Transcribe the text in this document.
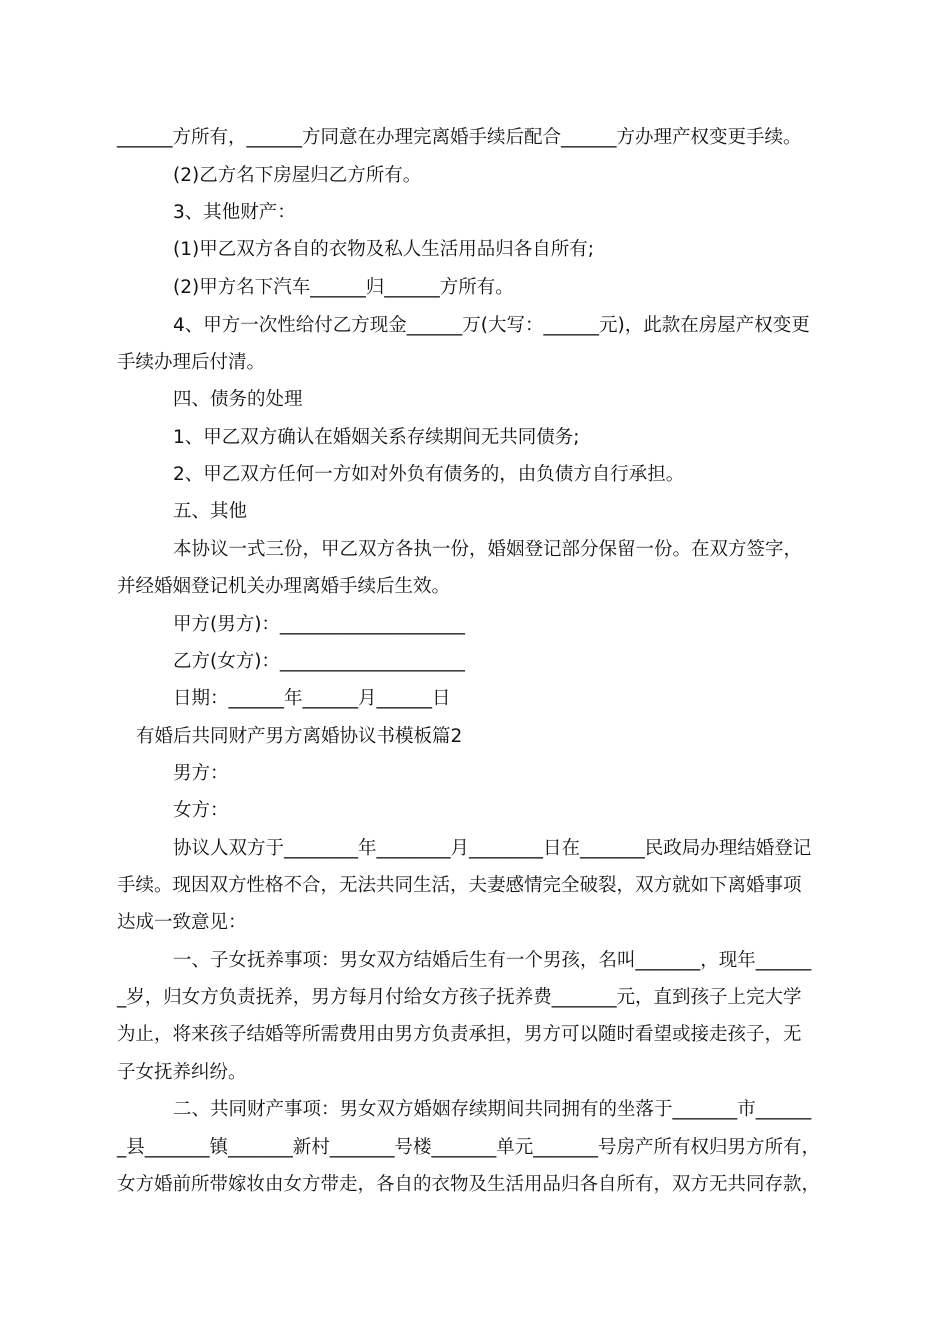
______方所有，______方同意在办理完离婚手续后配合______方办理产权变更手续。
(2)乙方名下房屋归乙方所有。
3、其他财产：
(1)甲乙双方各自的衣物及私人生活用品归各自所有;
(2)甲方名下汽车______归______方所有。
4、甲方一次性给付乙方现金______万(大写：______元)，此款在房屋产权变更
手续办理后付清。
四、债务的处理
1、甲乙双方确认在婚姻关系存续期间无共同债务;
2、甲乙双方任何一方如对外负有债务的，由负债方自行承担。
五、其他
本协议一式三份，甲乙双方各执一份，婚姻登记部分保留一份。在双方签字，
并经婚姻登记机关办理离婚手续后生效。
甲方(男方)：____________________
乙方(女方)：____________________
日期：______年______月______日
有婚后共同财产男方离婚协议书模板篇2
男方：
女方：
协议人双方于________年________月________日在_______民政局办理结婚登记
手续。现因双方性格不合，无法共同生活，夫妻感情完全破裂，双方就如下离婚事项
达成一致意见：
一、子女抚养事项：男女双方结婚后生有一个男孩，名叫_______，现年______
_岁，归女方负责抚养，男方每月付给女方孩子抚养费_______元，直到孩子上完大学
为止，将来孩子结婚等所需费用由男方负责承担，男方可以随时看望或接走孩子，无
子女抚养纠纷。
二、共同财产事项：男女双方婚姻存续期间共同拥有的坐落于_______市______
_县_______镇_______新村_______号楼_______单元_______号房产所有权归男方所有，
女方婚前所带嫁妆由女方带走，各自的衣物及生活用品归各自所有，双方无共同存款，
